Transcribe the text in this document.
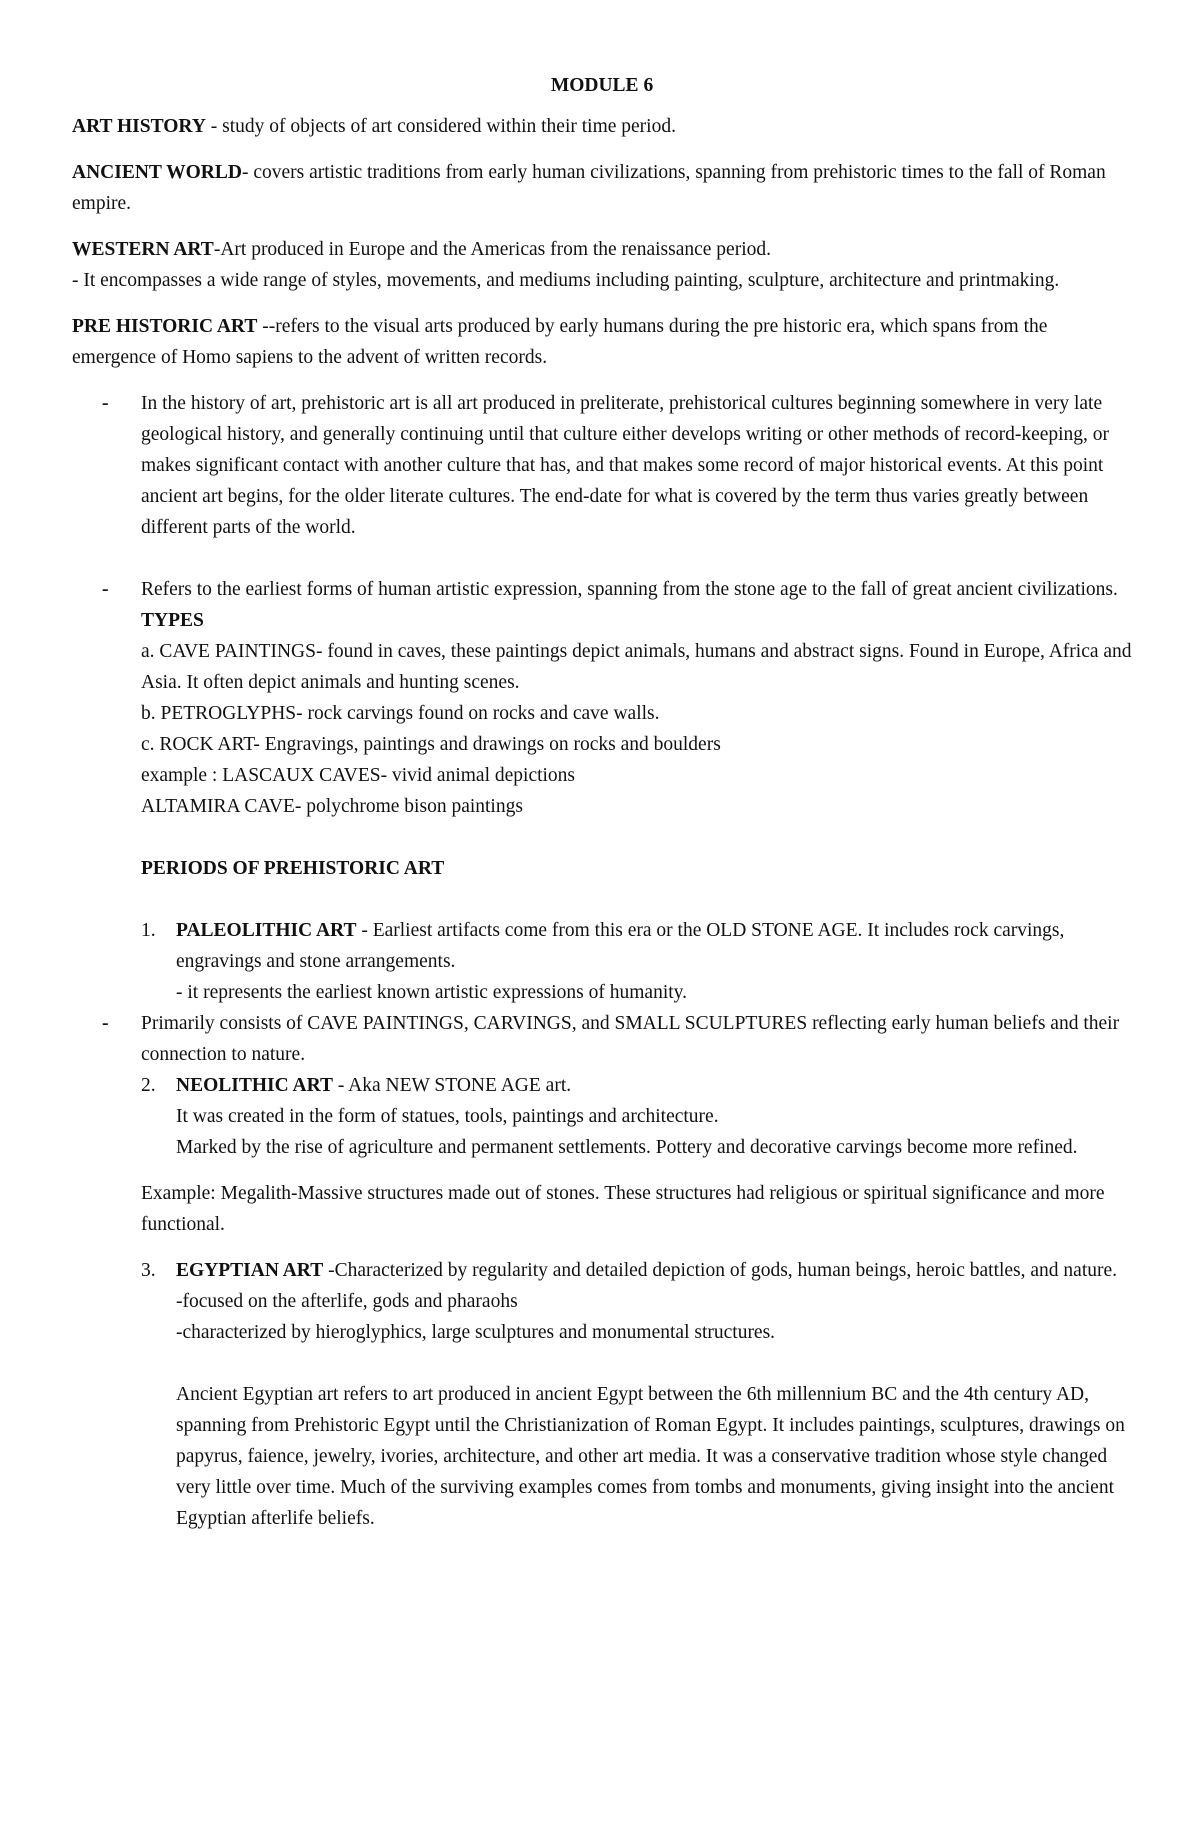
MODULE 6

ART HISTORY - study of objects of art considered within their time period.

ANCIENT WORLD- covers artistic traditions from early human civilizations, spanning from prehistoric times to the fall of Roman empire.

WESTERN ART-Art produced in Europe and the Americas from the renaissance period.

- It encompasses a wide range of styles, movements, and mediums including painting, sculpture, architecture and printmaking.

PRE HISTORIC ART --refers to the visual arts produced by early humans during the pre historic era, which spans from the emergence of Homo sapiens to the advent of written records.

- In the history of art, prehistoric art is all art produced in preliterate, prehistorical cultures beginning somewhere in very late geological history, and generally continuing until that culture either develops writing or other methods of record-keeping, or makes significant contact with another culture that has, and that makes some record of major historical events. At this point ancient art begins, for the older literate cultures. The end-date for what is covered by the term thus varies greatly between different parts of the world.
- Refers to the earliest forms of human artistic expression, spanning from the stone age to the fall of great ancient civilizations.

TYPES

a. CAVE PAINTINGS- found in caves, these paintings depict animals, humans and abstract signs. Found in Europe, Africa and Asia. It often depict animals and hunting scenes.

b. PETROGLYPHS- rock carvings found on rocks and cave walls.

c. ROCK ART- Engravings, paintings and drawings on rocks and boulders

example : LASCAUX CAVES- vivid animal depictions

ALTAMIRA CAVE- polychrome bison paintings

PERIODS OF PREHISTORIC ART

1. PALEOLITHIC ART - Earliest artifacts come from this era or the OLD STONE AGE. It includes rock carvings, engravings and stone arrangements.

- it represents the earliest known artistic expressions of humanity.

- Primarily consists of CAVE PAINTINGS, CARVINGS, and SMALL SCULPTURES reflecting early human beliefs and their connection to nature.
2. NEOLITHIC ART - Aka NEW STONE AGE art.

It was created in the form of statues, tools, paintings and architecture.

Marked by the rise of agriculture and permanent settlements. Pottery and decorative carvings become more refined.

Example: Megalith-Massive structures made out of stones. These structures had religious or spiritual significance and more functional.

3. EGYPTIAN ART -Characterized by regularity and detailed depiction of gods, human beings, heroic battles, and nature.

-focused on the afterlife, gods and pharaohs

-characterized by hieroglyphics, large sculptures and monumental structures.

Ancient Egyptian art refers to art produced in ancient Egypt between the 6th millennium BC and the 4th century AD, spanning from Prehistoric Egypt until the Christianization of Roman Egypt. It includes paintings, sculptures, drawings on papyrus, faience, jewelry, ivories, architecture, and other art media. It was a conservative tradition whose style changed very little over time. Much of the surviving examples comes from tombs and monuments, giving insight into the ancient Egyptian afterlife beliefs.
